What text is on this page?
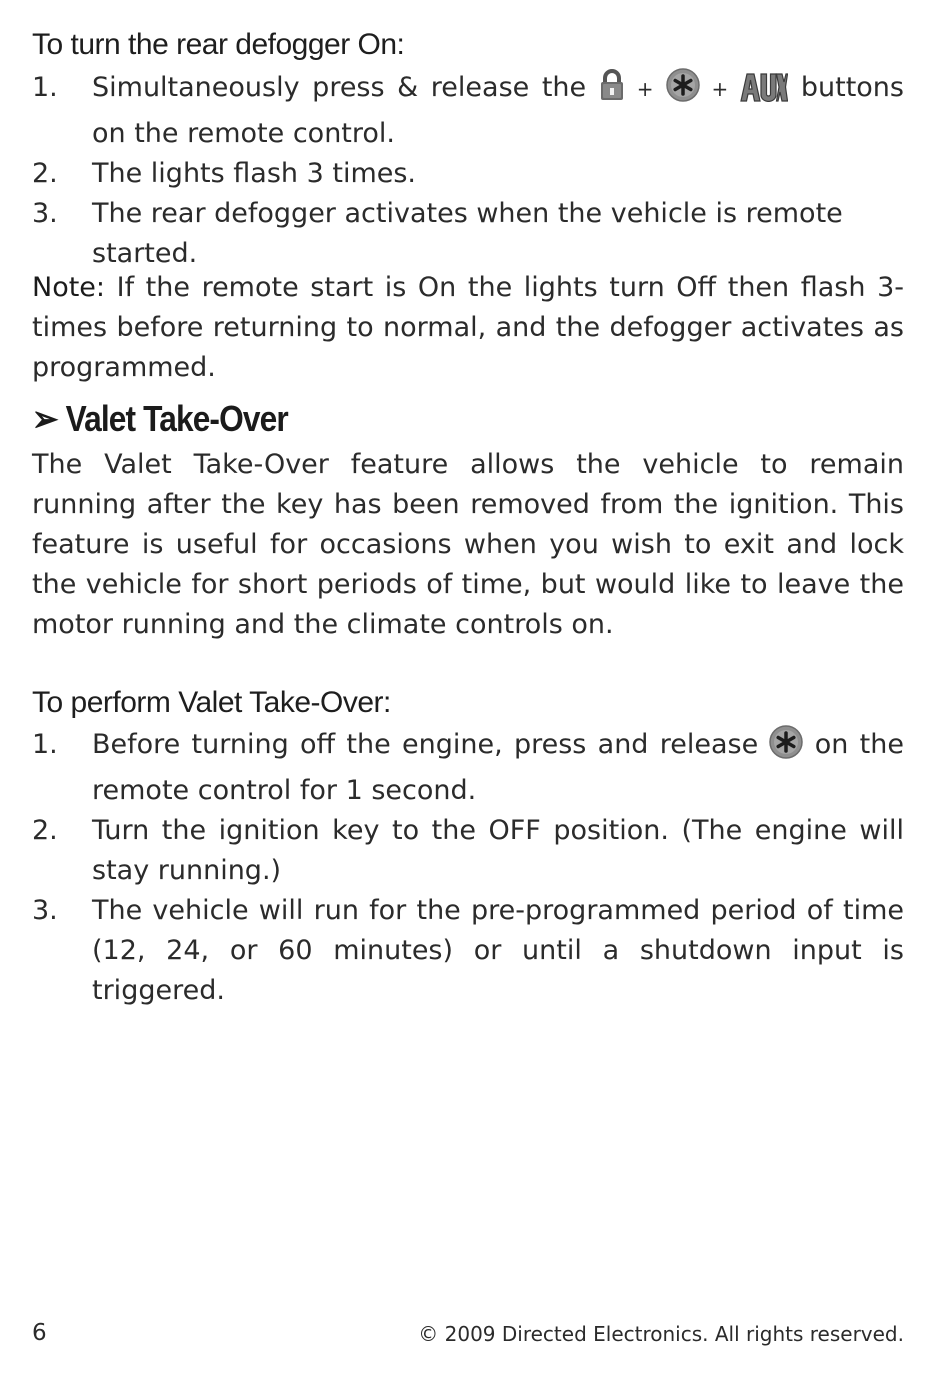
To turn the rear defogger On:
1. Simultaneously press & release the	+	+	buttons on the remote control.
2. The lights flash 3 times.
3. The rear defogger activates when the vehicle is remote started.

Note: If the remote start is On the lights turn Off then flash 3-times before returning to normal, and the defogger activates as programmed.

➢ Valet Take-Over

The Valet Take-Over feature allows the vehicle to remain running after the key has been removed from the ignition. This feature is useful for occasions when you wish to exit and lock the vehicle for short periods of time, but would like to leave the motor running and the climate controls on.

To perform Valet Take-Over:
1. Before turning off the engine, press and release on the remote control for 1 second.
2. Turn the ignition key to the OFF position. (The engine will stay running.)
3. The vehicle will run for the pre-programmed period of time (12, 24, or 60 minutes) or until a shutdown input is triggered.
6	© 2009 Directed Electronics. All rights reserved.
